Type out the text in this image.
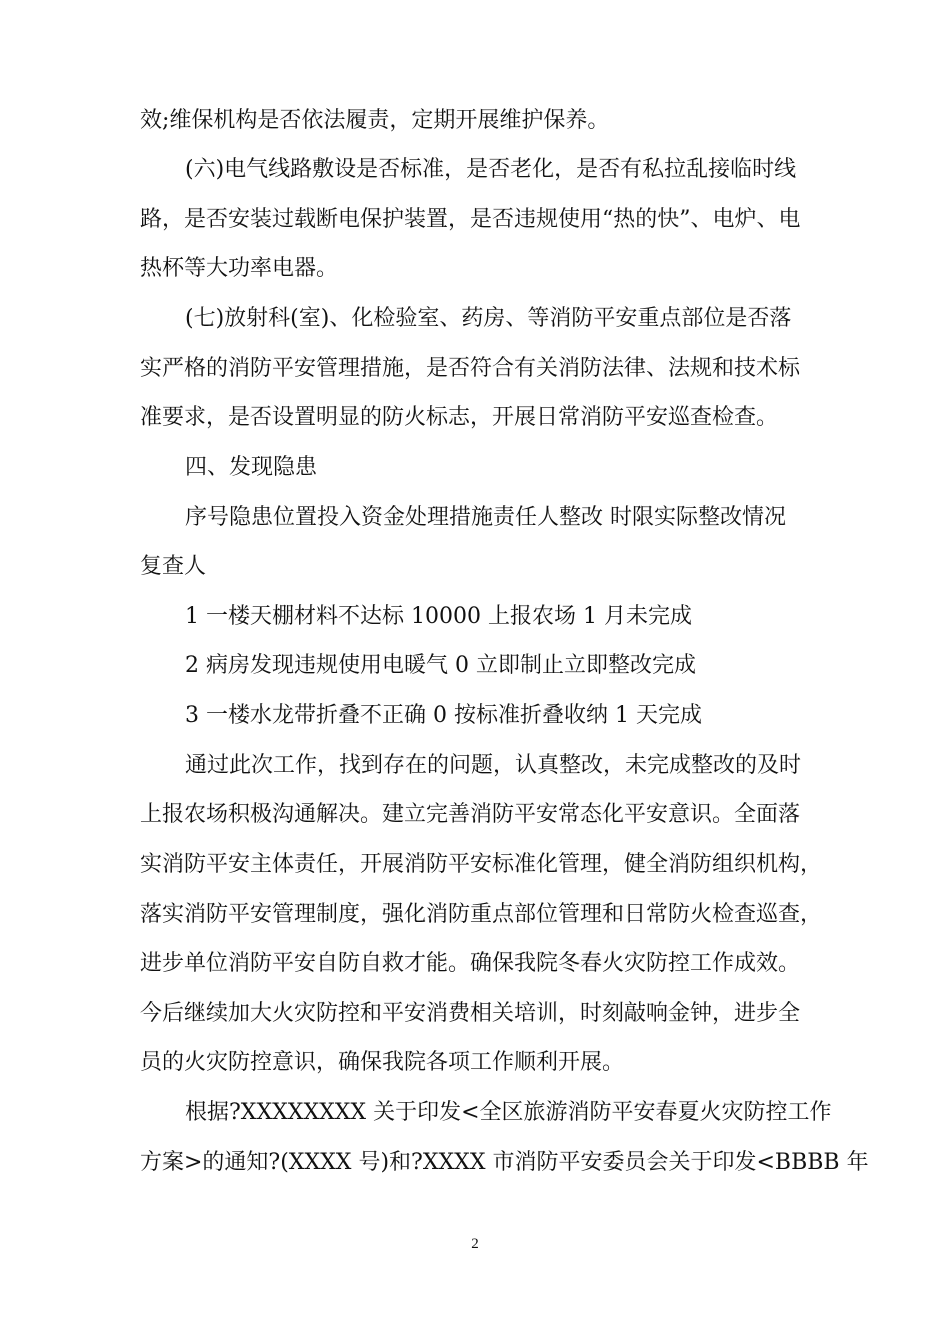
效;维保机构是否依法履责，定期开展维护保养。
(六)电气线路敷设是否标准，是否老化，是否有私拉乱接临时线
路，是否安装过载断电保护装置，是否违规使用“热的快”、电炉、电
热杯等大功率电器。
(七)放射科(室)、化检验室、药房、等消防平安重点部位是否落
实严格的消防平安管理措施，是否符合有关消防法律、法规和技术标
准要求，是否设置明显的防火标志，开展日常消防平安巡查检查。
四、发现隐患
序号隐患位置投入资金处理措施责任人整改 时限实际整改情况
复查人
1 一楼天棚材料不达标 10000 上报农场 1 月未完成
2 病房发现违规使用电暖气 0 立即制止立即整改完成
3 一楼水龙带折叠不正确 0 按标准折叠收纳 1 天完成
通过此次工作，找到存在的问题，认真整改，未完成整改的及时
上报农场积极沟通解决。建立完善消防平安常态化平安意识。全面落
实消防平安主体责任，开展消防平安标准化管理，健全消防组织机构，
落实消防平安管理制度，强化消防重点部位管理和日常防火检查巡查，
进步单位消防平安自防自救才能。确保我院冬春火灾防控工作成效。
今后继续加大火灾防控和平安消费相关培训，时刻敲响金钟，进步全
员的火灾防控意识，确保我院各项工作顺利开展。
根据?XXXXXXXX 关于印发<全区旅游消防平安春夏火灾防控工作
方案>的通知?(XXXX 号)和?XXXX 市消防平安委员会关于印发<BBBB 年
2
